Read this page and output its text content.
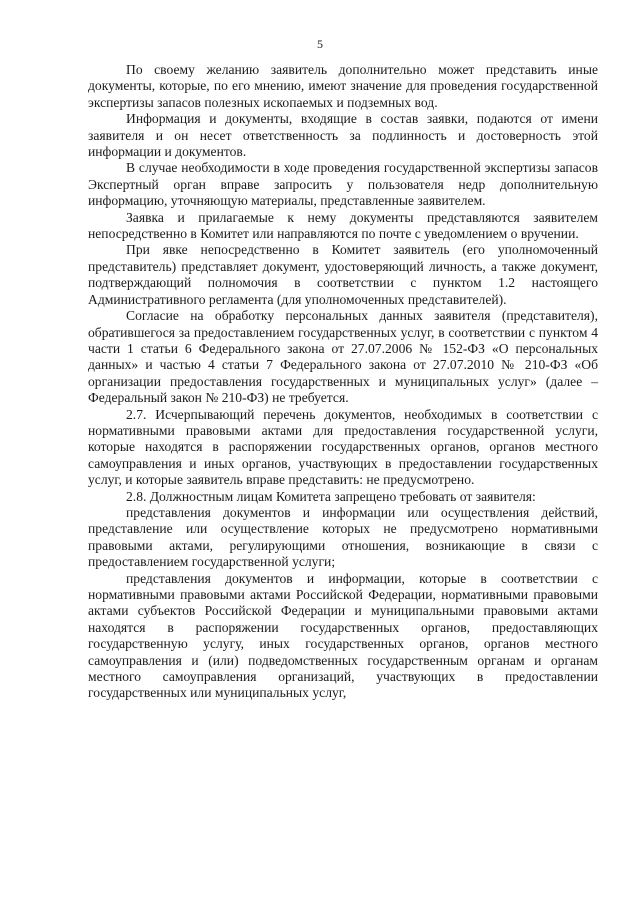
5

По своему желанию заявитель дополнительно может представить иные документы, которые, по его мнению, имеют значение для проведения государственной экспертизы запасов полезных ископаемых и подземных вод.

Информация и документы, входящие в состав заявки, подаются от имени заявителя и он несет ответственность за подлинность и достоверность этой информации и документов.

В случае необходимости в ходе проведения государственной экспертизы запасов Экспертный орган вправе запросить у пользователя недр дополнительную информацию, уточняющую материалы, представленные заявителем.

Заявка и прилагаемые к нему документы представляются заявителем непосредственно в Комитет или направляются по почте с уведомлением о вручении.

При явке непосредственно в Комитет заявитель (его уполномоченный представитель) представляет документ, удостоверяющий личность, а также документ, подтверждающий полномочия в соответствии с пунктом 1.2 настоящего Административного регламента (для уполномоченных представителей).

Согласие на обработку персональных данных заявителя (представителя), обратившегося за предоставлением государственных услуг, в соответствии с пунктом 4 части 1 статьи 6 Федерального закона от 27.07.2006 № 152-ФЗ «О персональных данных» и частью 4 статьи 7 Федерального закона от 27.07.2010 № 210-ФЗ «Об организации предоставления государственных и муниципальных услуг» (далее – Федеральный закон № 210-ФЗ) не требуется.

2.7. Исчерпывающий перечень документов, необходимых в соответствии с нормативными правовыми актами для предоставления государственной услуги, которые находятся в распоряжении государственных органов, органов местного самоуправления и иных органов, участвующих в предоставлении государственных услуг, и которые заявитель вправе представить: не предусмотрено.

2.8. Должностным лицам Комитета запрещено требовать от заявителя:

представления документов и информации или осуществления действий, представление или осуществление которых не предусмотрено нормативными правовыми актами, регулирующими отношения, возникающие в связи с предоставлением государственной услуги;

представления документов и информации, которые в соответствии с нормативными правовыми актами Российской Федерации, нормативными правовыми актами субъектов Российской Федерации и муниципальными правовыми актами находятся в распоряжении государственных органов, предоставляющих государственную услугу, иных государственных органов, органов местного самоуправления и (или) подведомственных государственным органам и органам местного самоуправления организаций, участвующих в предоставлении государственных или муниципальных услуг,
